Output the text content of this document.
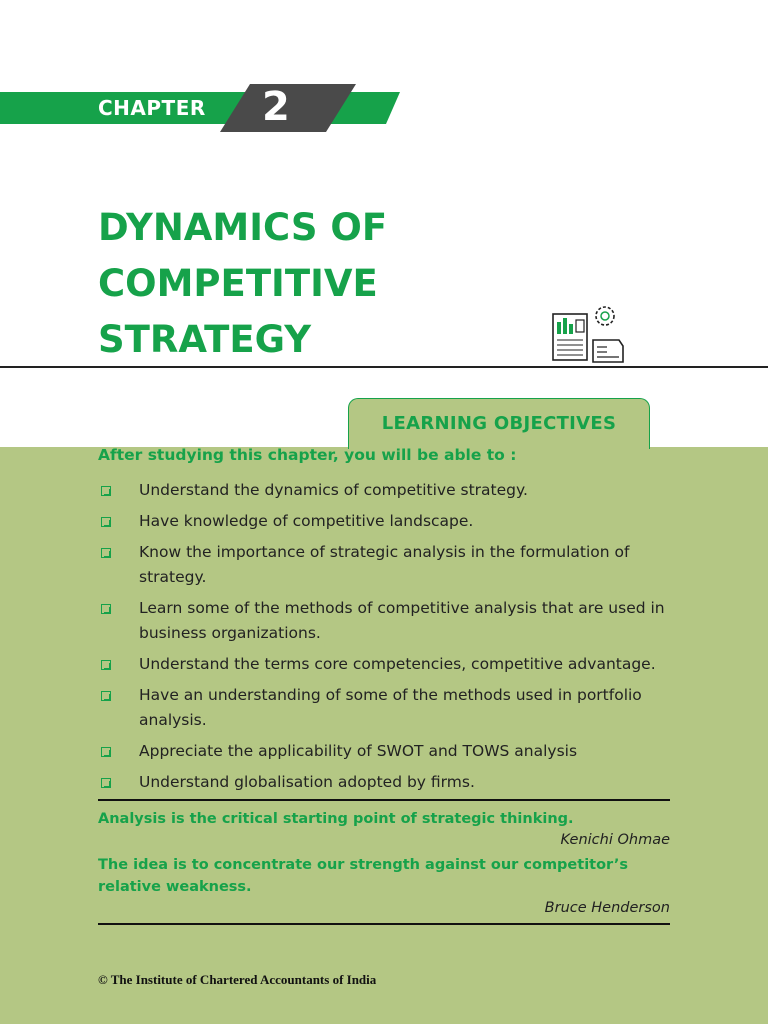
CHAPTER 2
DYNAMICS OF
COMPETITIVE
STRATEGY
LEARNING OBJECTIVES
After studying this chapter, you will be able to :
Understand the dynamics of competitive strategy.
Have knowledge of competitive landscape.
Know the importance of strategic analysis in the formulation of strategy.
Learn some of the methods of competitive analysis that are used in business organizations.
Understand the terms core competencies, competitive advantage.
Have an understanding of some of the methods used in portfolio analysis.
Appreciate the applicability of SWOT and TOWS analysis
Understand globalisation adopted by firms.
Analysis is the critical starting point of strategic thinking.
Kenichi Ohmae
The idea is to concentrate our strength against our competitor’s relative weakness.
Bruce Henderson
© The Institute of Chartered Accountants of India
